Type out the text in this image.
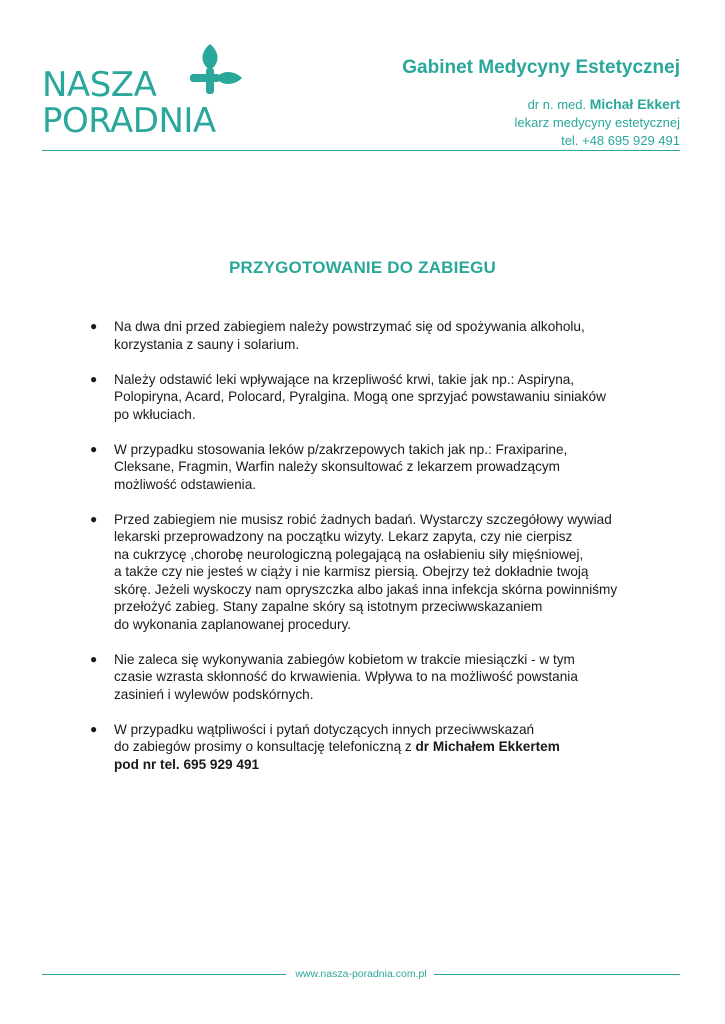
NASZA
PORADNIA
Gabinet Medycyny Estetycznej
dr n. med. Michał Ekkert
lekarz medycyny estetycznej
tel. +48 695 929 491
PRZYGOTOWANIE DO ZABIEGU
● Na dwa dni przed zabiegiem należy powstrzymać się od spożywania alkoholu,
korzystania z sauny i solarium.
● Należy odstawić leki wpływające na krzepliwość krwi, takie jak np.: Aspiryna,
Polopiryna, Acard, Polocard, Pyralgina. Mogą one sprzyjać powstawaniu siniaków
po wkłuciach.
● W przypadku stosowania leków p/zakrzepowych takich jak np.: Fraxiparine,
Cleksane, Fragmin, Warfin należy skonsultować z lekarzem prowadzącym
możliwość odstawienia.
● Przed zabiegiem nie musisz robić żadnych badań. Wystarczy szczegółowy wywiad
lekarski przeprowadzony na początku wizyty. Lekarz zapyta, czy nie cierpisz
na cukrzycę ,chorobę neurologiczną polegającą na osłabieniu siły mięśniowej,
a także czy nie jesteś w ciąży i nie karmisz piersią. Obejrzy też dokładnie twoją
skórę. Jeżeli wyskoczy nam opryszczka albo jakaś inna infekcja skórna powinniśmy
przełożyć zabieg. Stany zapalne skóry są istotnym przeciwwskazaniem
do wykonania zaplanowanej procedury.
● Nie zaleca się wykonywania zabiegów kobietom w trakcie miesiączki - w tym
czasie wzrasta skłonność do krwawienia. Wpływa to na możliwość powstania
zasinień i wylewów podskórnych.
● W przypadku wątpliwości i pytań dotyczących innych przeciwwskazań
do zabiegów prosimy o konsultację telefoniczną z dr Michałem Ekkertem
pod nr tel. 695 929 491
www.nasza-poradnia.com.pl
